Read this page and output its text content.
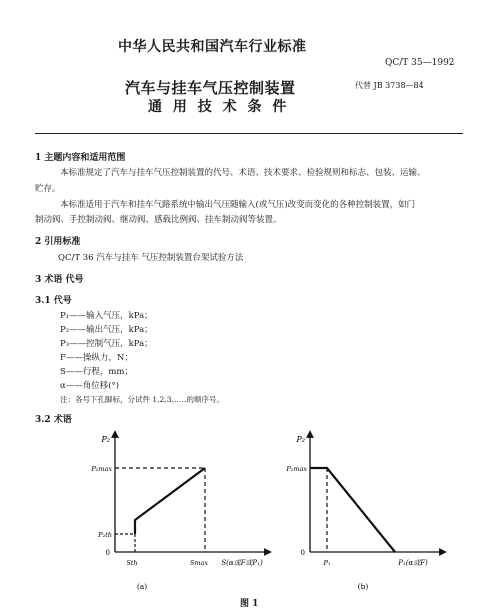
中华人民共和国汽车行业标准
QC/T 35—1992
汽车与挂车气压控制装置	代替 JB 3738—84
通 用 技 术 条 件
1 主题内容和适用范围
本标准规定了汽车与挂车气压控制装置的代号、术语、技术要求、检验规则和标志、包装、运输、
贮存。
本标准适用于汽车和挂车气路系统中输出气压随输入(或气压)改变而变化的各种控制装置，如门
制动阀、手控制动阀、继动阀、感载比例阀、挂车制动阀等装置。
2 引用标准
QC/T 36 汽车与挂车 气压控制装置台架试验方法
3 术语 代号
3.1 代号
P₁——输入气压，kPa；
P₂——输出气压，kPa；
P₃——控制气压，kPa；
F——操纵力，N；
S——行程，mm；
α——角位移(°)
注：各号下孔脚标，分试件 1,2,3……的顺序号。
3.2 术语
P₂
P₂max
P₂th
0
Sth	Smax S(α或F或P₁)
(a)
P₂
P₂max
0
P₁	P₁(α或F)
(b)
图 1
